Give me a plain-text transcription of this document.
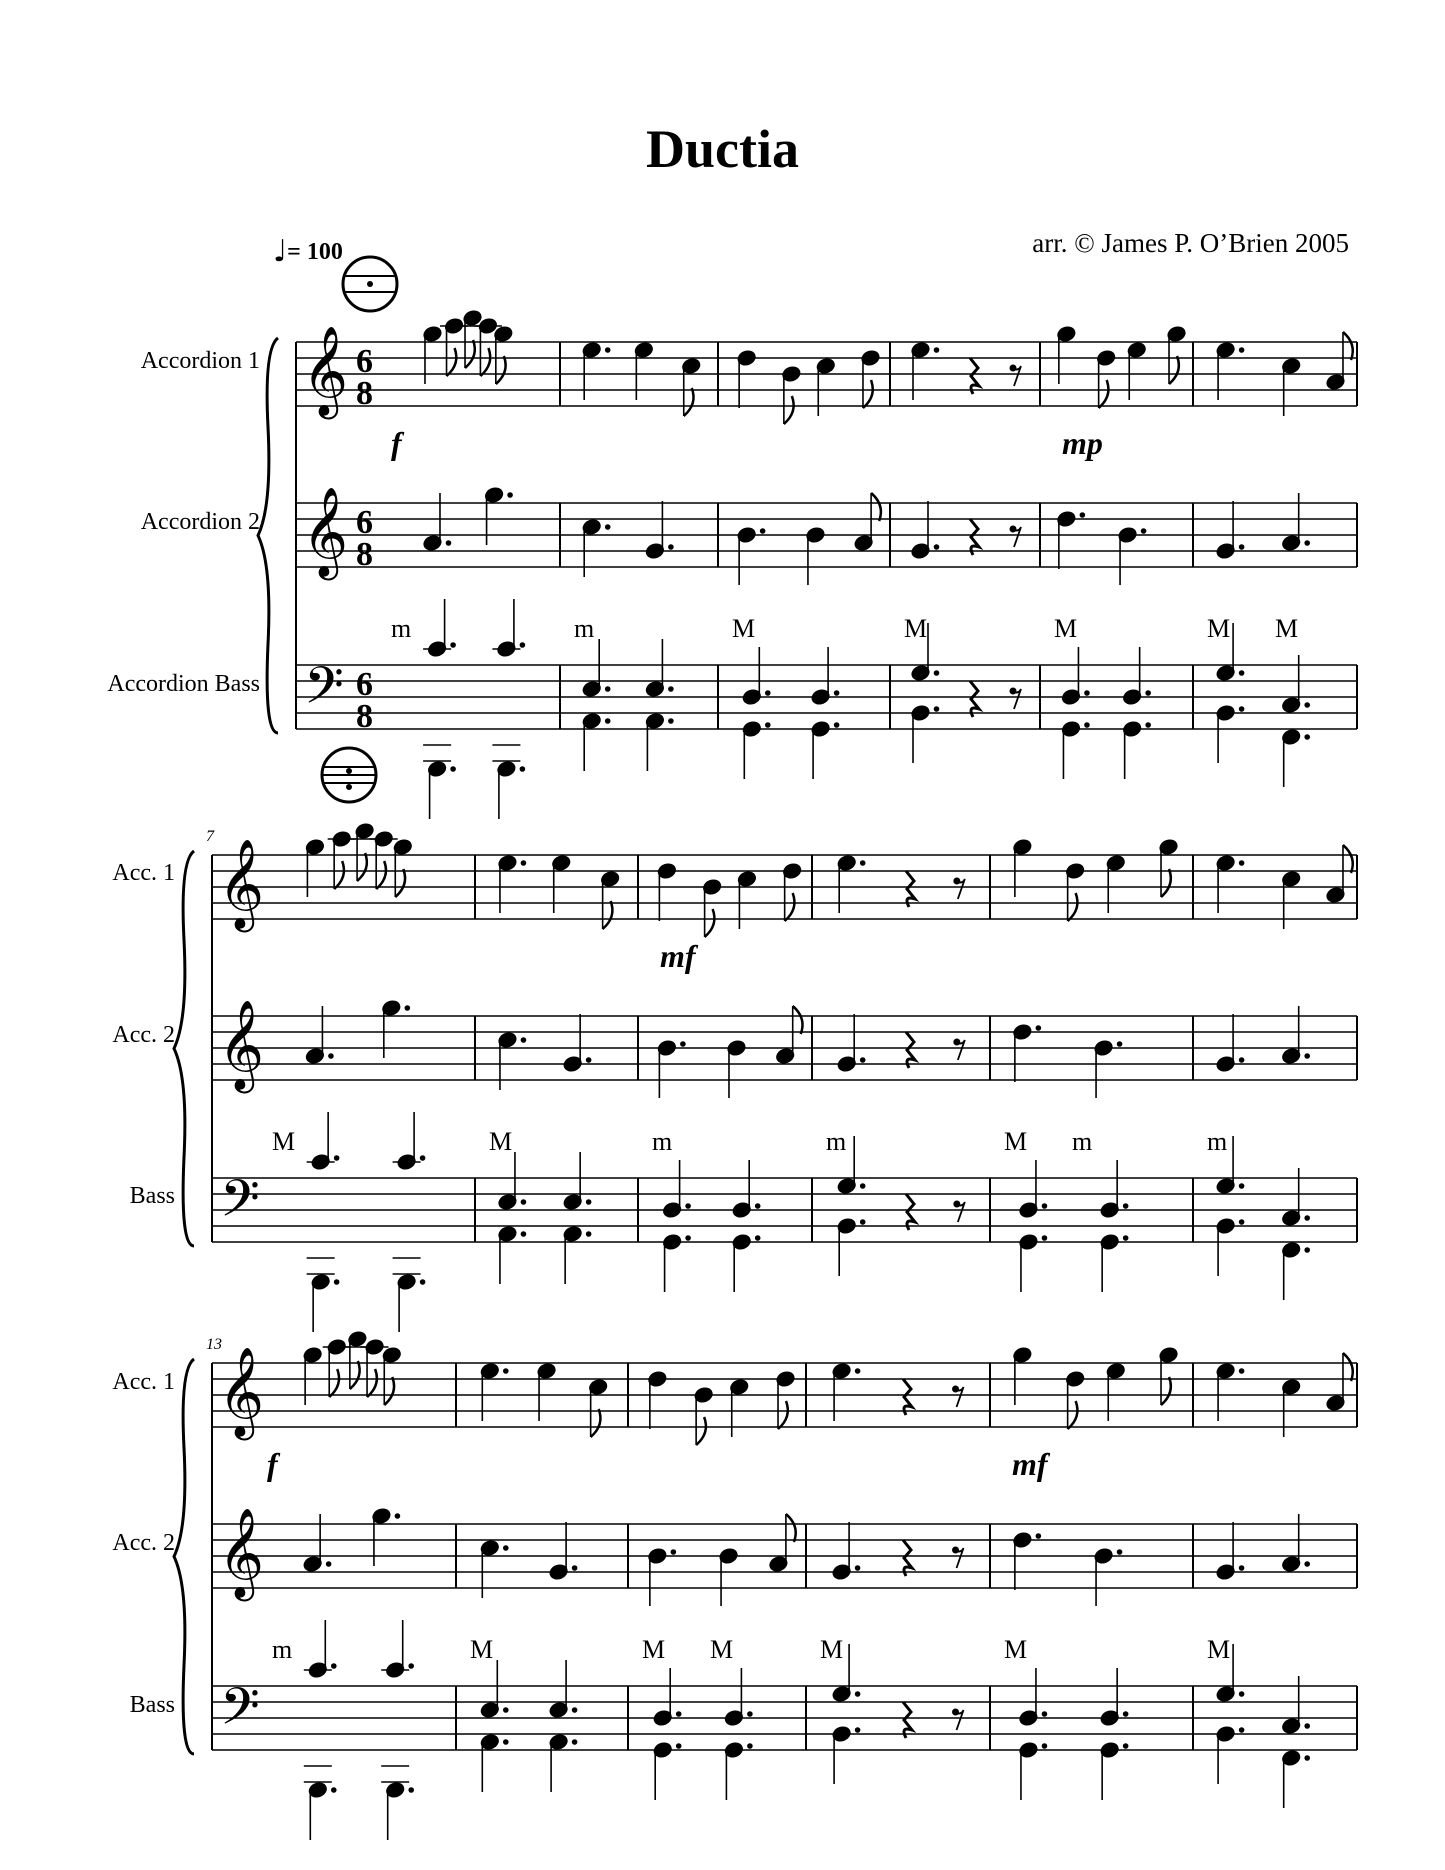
Ductia
arr. © James P. O’Brien 2005
♩= 100
Accordion 1
Accordion 2
Accordion Bass
Acc. 1
Acc. 2
Bass
Acc. 1
Acc. 2
Bass
𝄞
𝄞
𝄢
6
8
6
8
6
8
m	m	M	M	M	M M
f	mp
𝄞
𝄞
𝄢
7
M	M	m	m	M m	m
mf
𝄞
𝄞
𝄢
13
m	M	M M	M	M	M
f	mf
